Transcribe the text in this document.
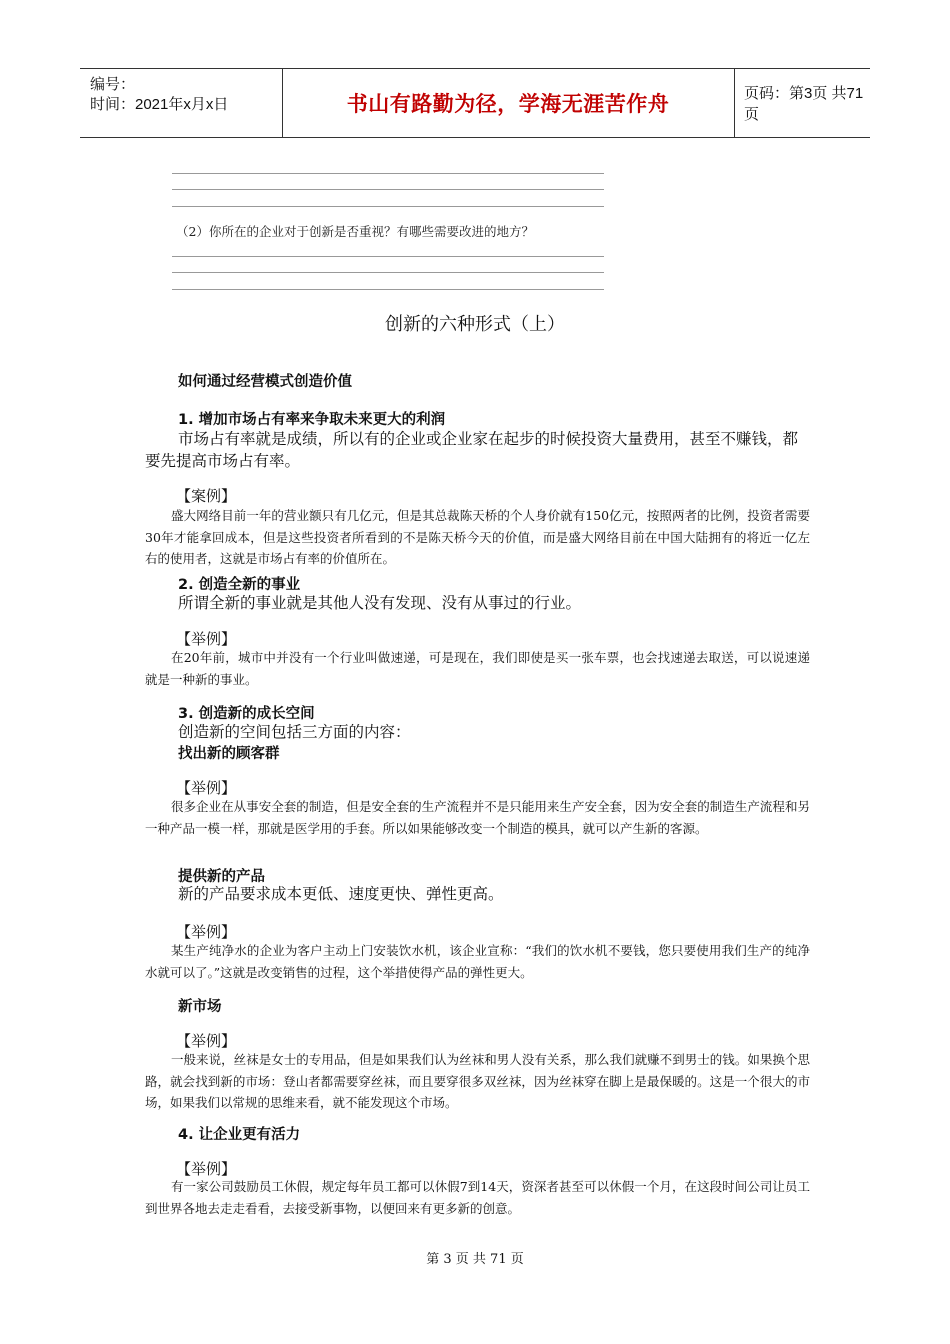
编号：
时间：2021年x月x日	书山有路勤为径，学海无涯苦作舟	页码：第3页 共71页
（2）你所在的企业对于创新是否重视？有哪些需要改进的地方？
创新的六种形式（上）
如何通过经营模式创造价值
1. 增加市场占有率来争取未来更大的利润
市场占有率就是成绩，所以有的企业或企业家在起步的时候投资大量费用，甚至不赚钱，都要先提高市场占有率。
【案例】
盛大网络目前一年的营业额只有几亿元，但是其总裁陈天桥的个人身价就有150亿元，按照两者的比例，投资者需要30年才能拿回成本，但是这些投资者所看到的不是陈天桥今天的价值，而是盛大网络目前在中国大陆拥有的将近一亿左右的使用者，这就是市场占有率的价值所在。
2. 创造全新的事业
所谓全新的事业就是其他人没有发现、没有从事过的行业。
【举例】
在20年前，城市中并没有一个行业叫做速递，可是现在，我们即使是买一张车票，也会找速递去取送，可以说速递就是一种新的事业。
3. 创造新的成长空间
创造新的空间包括三方面的内容：
找出新的顾客群
【举例】
很多企业在从事安全套的制造，但是安全套的生产流程并不是只能用来生产安全套，因为安全套的制造生产流程和另一种产品一模一样，那就是医学用的手套。所以如果能够改变一个制造的模具，就可以产生新的客源。
提供新的产品
新的产品要求成本更低、速度更快、弹性更高。
【举例】
某生产纯净水的企业为客户主动上门安装饮水机，该企业宣称：“我们的饮水机不要钱，您只要使用我们生产的纯净水就可以了。”这就是改变销售的过程，这个举措使得产品的弹性更大。
新市场
【举例】
一般来说，丝袜是女士的专用品，但是如果我们认为丝袜和男人没有关系，那么我们就赚不到男士的钱。如果换个思路，就会找到新的市场：登山者都需要穿丝袜，而且要穿很多双丝袜，因为丝袜穿在脚上是最保暖的。这是一个很大的市场，如果我们以常规的思维来看，就不能发现这个市场。
4. 让企业更有活力
【举例】
有一家公司鼓励员工休假，规定每年员工都可以休假7到14天，资深者甚至可以休假一个月，在这段时间公司让员工到世界各地去走走看看，去接受新事物，以便回来有更多新的创意。
第 3 页 共 71 页
